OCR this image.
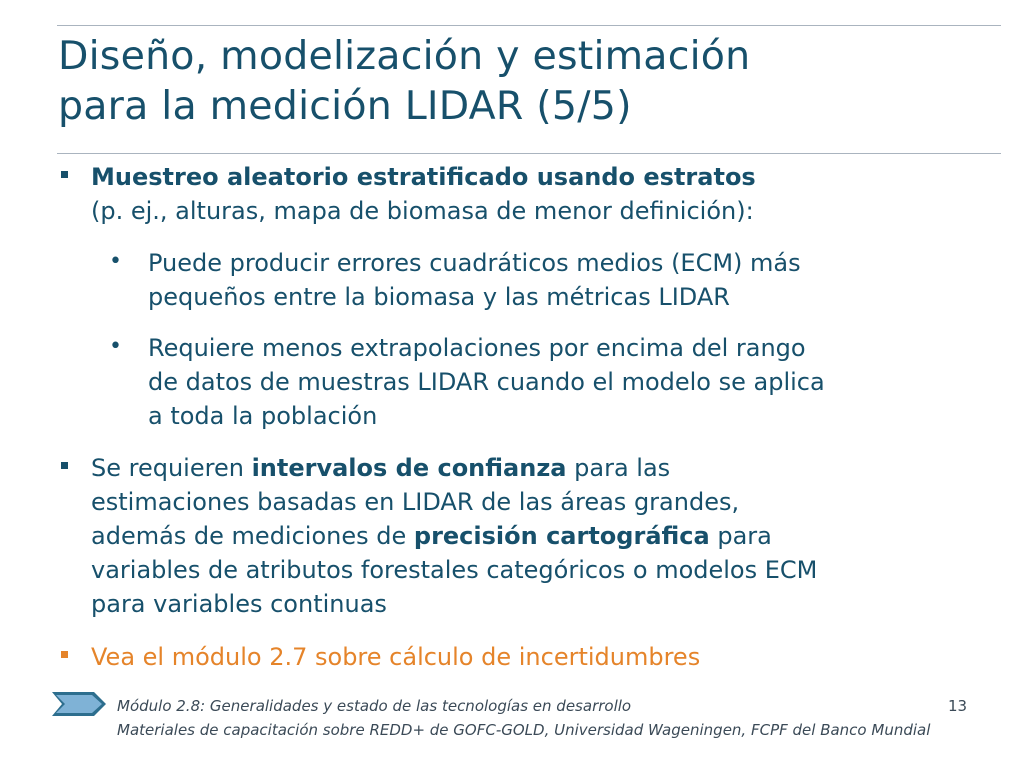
Diseño, modelización y estimación
para la medición LIDAR (5/5)
Muestreo aleatorio estratificado usando estratos
(p. ej., alturas, mapa de biomasa de menor definición):
• Puede producir errores cuadráticos medios (ECM) más
pequeños entre la biomasa y las métricas LIDAR
• Requiere menos extrapolaciones por encima del rango
de datos de muestras LIDAR cuando el modelo se aplica
a toda la población
Se requieren intervalos de confianza para las
estimaciones basadas en LIDAR de las áreas grandes,
además de mediciones de precisión cartográfica para
variables de atributos forestales categóricos o modelos ECM
para variables continuas
Vea el módulo 2.7 sobre cálculo de incertidumbres
Módulo 2.8: Generalidades y estado de las tecnologías en desarrollo	13
Materiales de capacitación sobre REDD+ de GOFC-GOLD, Universidad Wageningen, FCPF del Banco Mundial
